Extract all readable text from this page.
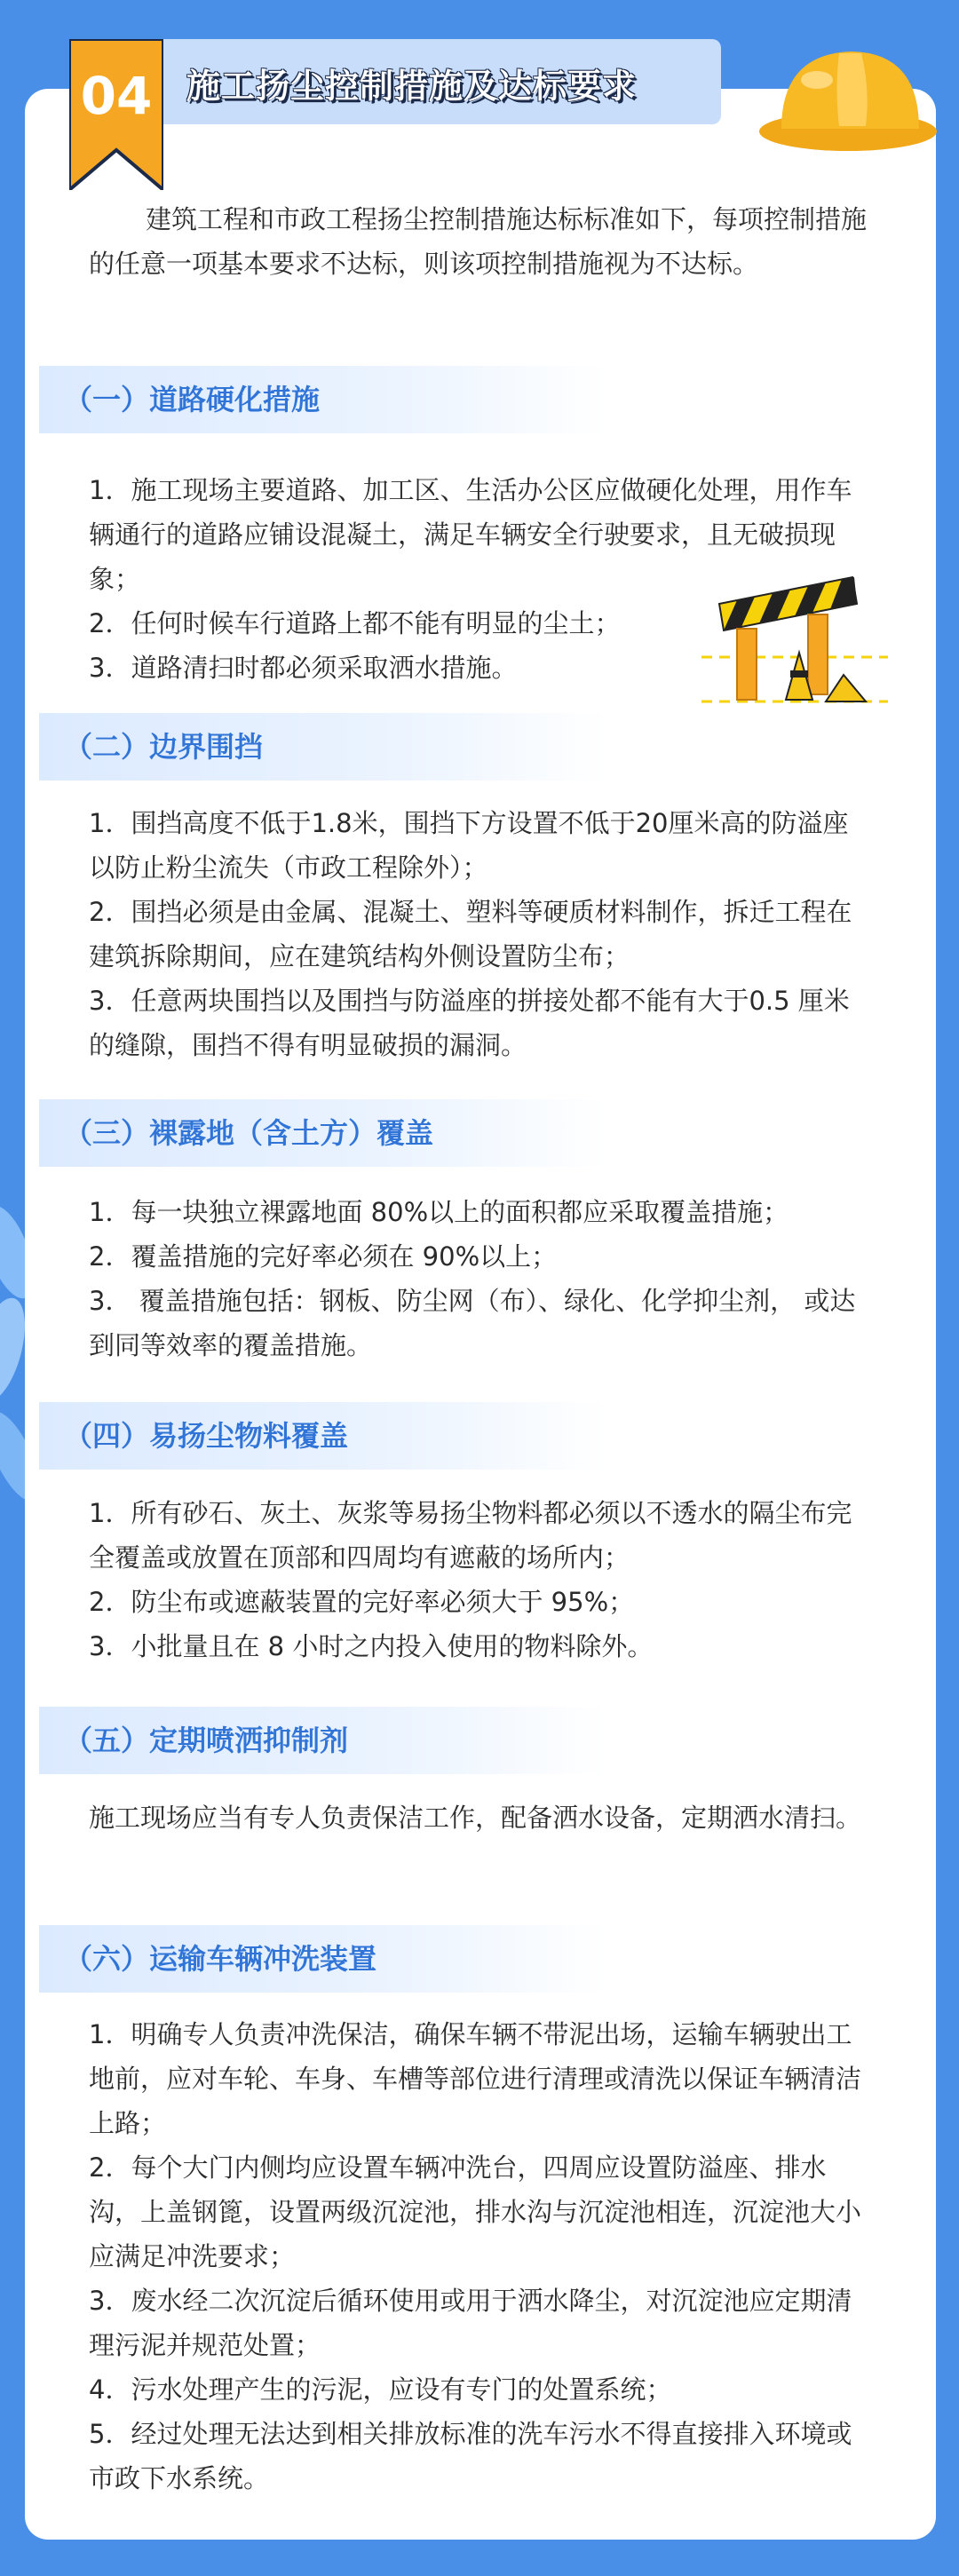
施工扬尘控制措施及达标要求
04
建筑工程和市政工程扬尘控制措施达标标准如下，每项控制措施的任意一项基本要求不达标，则该项控制措施视为不达标。
（一）道路硬化措施

1．施工现场主要道路、加工区、生活办公区应做硬化处理，用作车辆通行的道路应铺设混凝土，满足车辆安全行驶要求，且无破损现象；

2．任何时候车行道路上都不能有明显的尘土；

3．道路清扫时都必须采取洒水措施。

（二）边界围挡

1．围挡高度不低于1.8米，围挡下方设置不低于20厘米高的防溢座以防止粉尘流失（市政工程除外）；

2．围挡必须是由金属、混凝土、塑料等硬质材料制作，拆迁工程在建筑拆除期间，应在建筑结构外侧设置防尘布；

3．任意两块围挡以及围挡与防溢座的拼接处都不能有大于0.5 厘米的缝隙，围挡不得有明显破损的漏洞。

（三）裸露地（含土方）覆盖

1．每一块独立裸露地面 80%以上的面积都应采取覆盖措施；

2．覆盖措施的完好率必须在 90%以上；

3． 覆盖措施包括：钢板、防尘网（布）、绿化、化学抑尘剂， 或达到同等效率的覆盖措施。

（四）易扬尘物料覆盖

1．所有砂石、灰土、灰浆等易扬尘物料都必须以不透水的隔尘布完全覆盖或放置在顶部和四周均有遮蔽的场所内；

2．防尘布或遮蔽装置的完好率必须大于 95%；

3．小批量且在 8 小时之内投入使用的物料除外。

（五）定期喷洒抑制剂

施工现场应当有专人负责保洁工作，配备洒水设备，定期洒水清扫。

（六）运输车辆冲洗装置

1．明确专人负责冲洗保洁，确保车辆不带泥出场，运输车辆驶出工地前，应对车轮、车身、车槽等部位进行清理或清洗以保证车辆清洁上路；

2．每个大门内侧均应设置车辆冲洗台，四周应设置防溢座、排水沟，上盖钢篦，设置两级沉淀池，排水沟与沉淀池相连，沉淀池大小应满足冲洗要求；

3．废水经二次沉淀后循环使用或用于洒水降尘，对沉淀池应定期清理污泥并规范处置；

4．污水处理产生的污泥，应设有专门的处置系统；

5．经过处理无法达到相关排放标准的洗车污水不得直接排入环境或市政下水系统。
